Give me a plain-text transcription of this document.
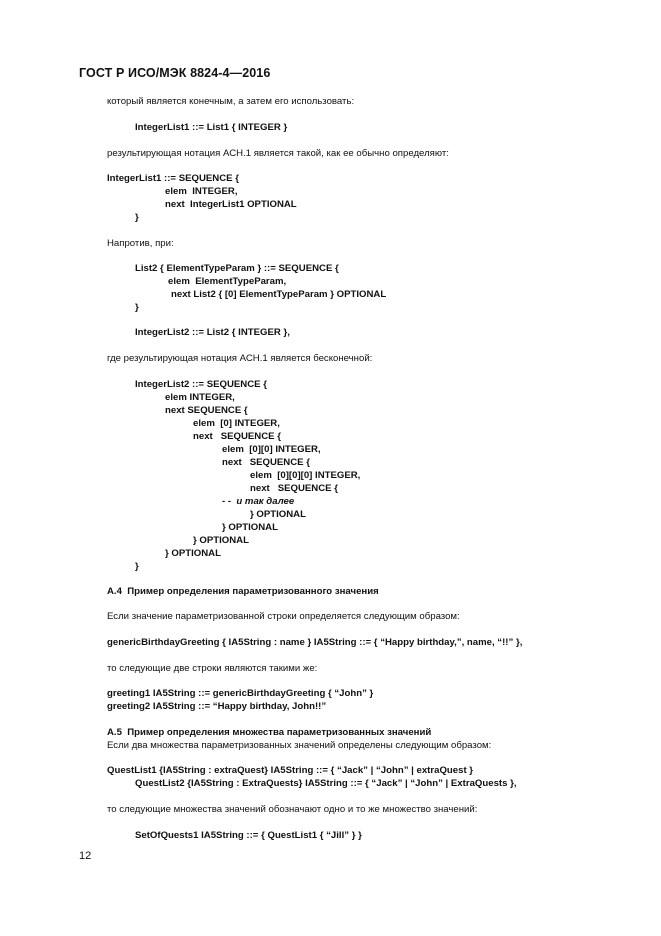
ГОСТ Р ИСО/МЭК 8824-4—2016
который является конечным, а затем его использовать:
IntegerList1 ::= List1 { INTEGER }
результирующая нотация АСН.1 является такой, как ее обычно определяют:
IntegerList1 ::= SEQUENCE {
elem  INTEGER,
next  IntegerList1 OPTIONAL
}
Напротив, при:
List2 { ElementTypeParam } ::= SEQUENCE {
elem  ElementTypeParam,
next List2 { [0] ElementTypeParam } OPTIONAL
}
IntegerList2 ::= List2 { INTEGER },
где результирующая нотация АСН.1 является бесконечной:
IntegerList2 ::= SEQUENCE {
elem INTEGER,
next SEQUENCE {
elem  [0] INTEGER,
next   SEQUENCE {
elem  [0][0] INTEGER,
next   SEQUENCE {
elem  [0][0][0] INTEGER,
next   SEQUENCE {
- -  и так далее
} OPTIONAL
} OPTIONAL
} OPTIONAL
} OPTIONAL
}
A.4  Пример определения параметризованного значения
Если значение параметризованной строки определяется следующим образом:
genericBirthdayGreeting { IA5String : name } IA5String ::= { “Happy birthday,”, name, “!!” },
то следующие две строки являются такими же:
greeting1 IA5String ::= genericBirthdayGreeting { “John” }
greeting2 IA5String ::= “Happy birthday, John!!”
A.5  Пример определения множества параметризованных значений
Если два множества параметризованных значений определены следующим образом:
QuestList1 {IA5String : extraQuest} IA5String ::= { “Jack” | “John” | extraQuest }
QuestList2 {IA5String : ExtraQuests} IA5String ::= { “Jack” | “John” | ExtraQuests },
то следующие множества значений обозначают одно и то же множество значений:
SetOfQuests1 IA5String ::= { QuestList1 { “Jill” } }
12
